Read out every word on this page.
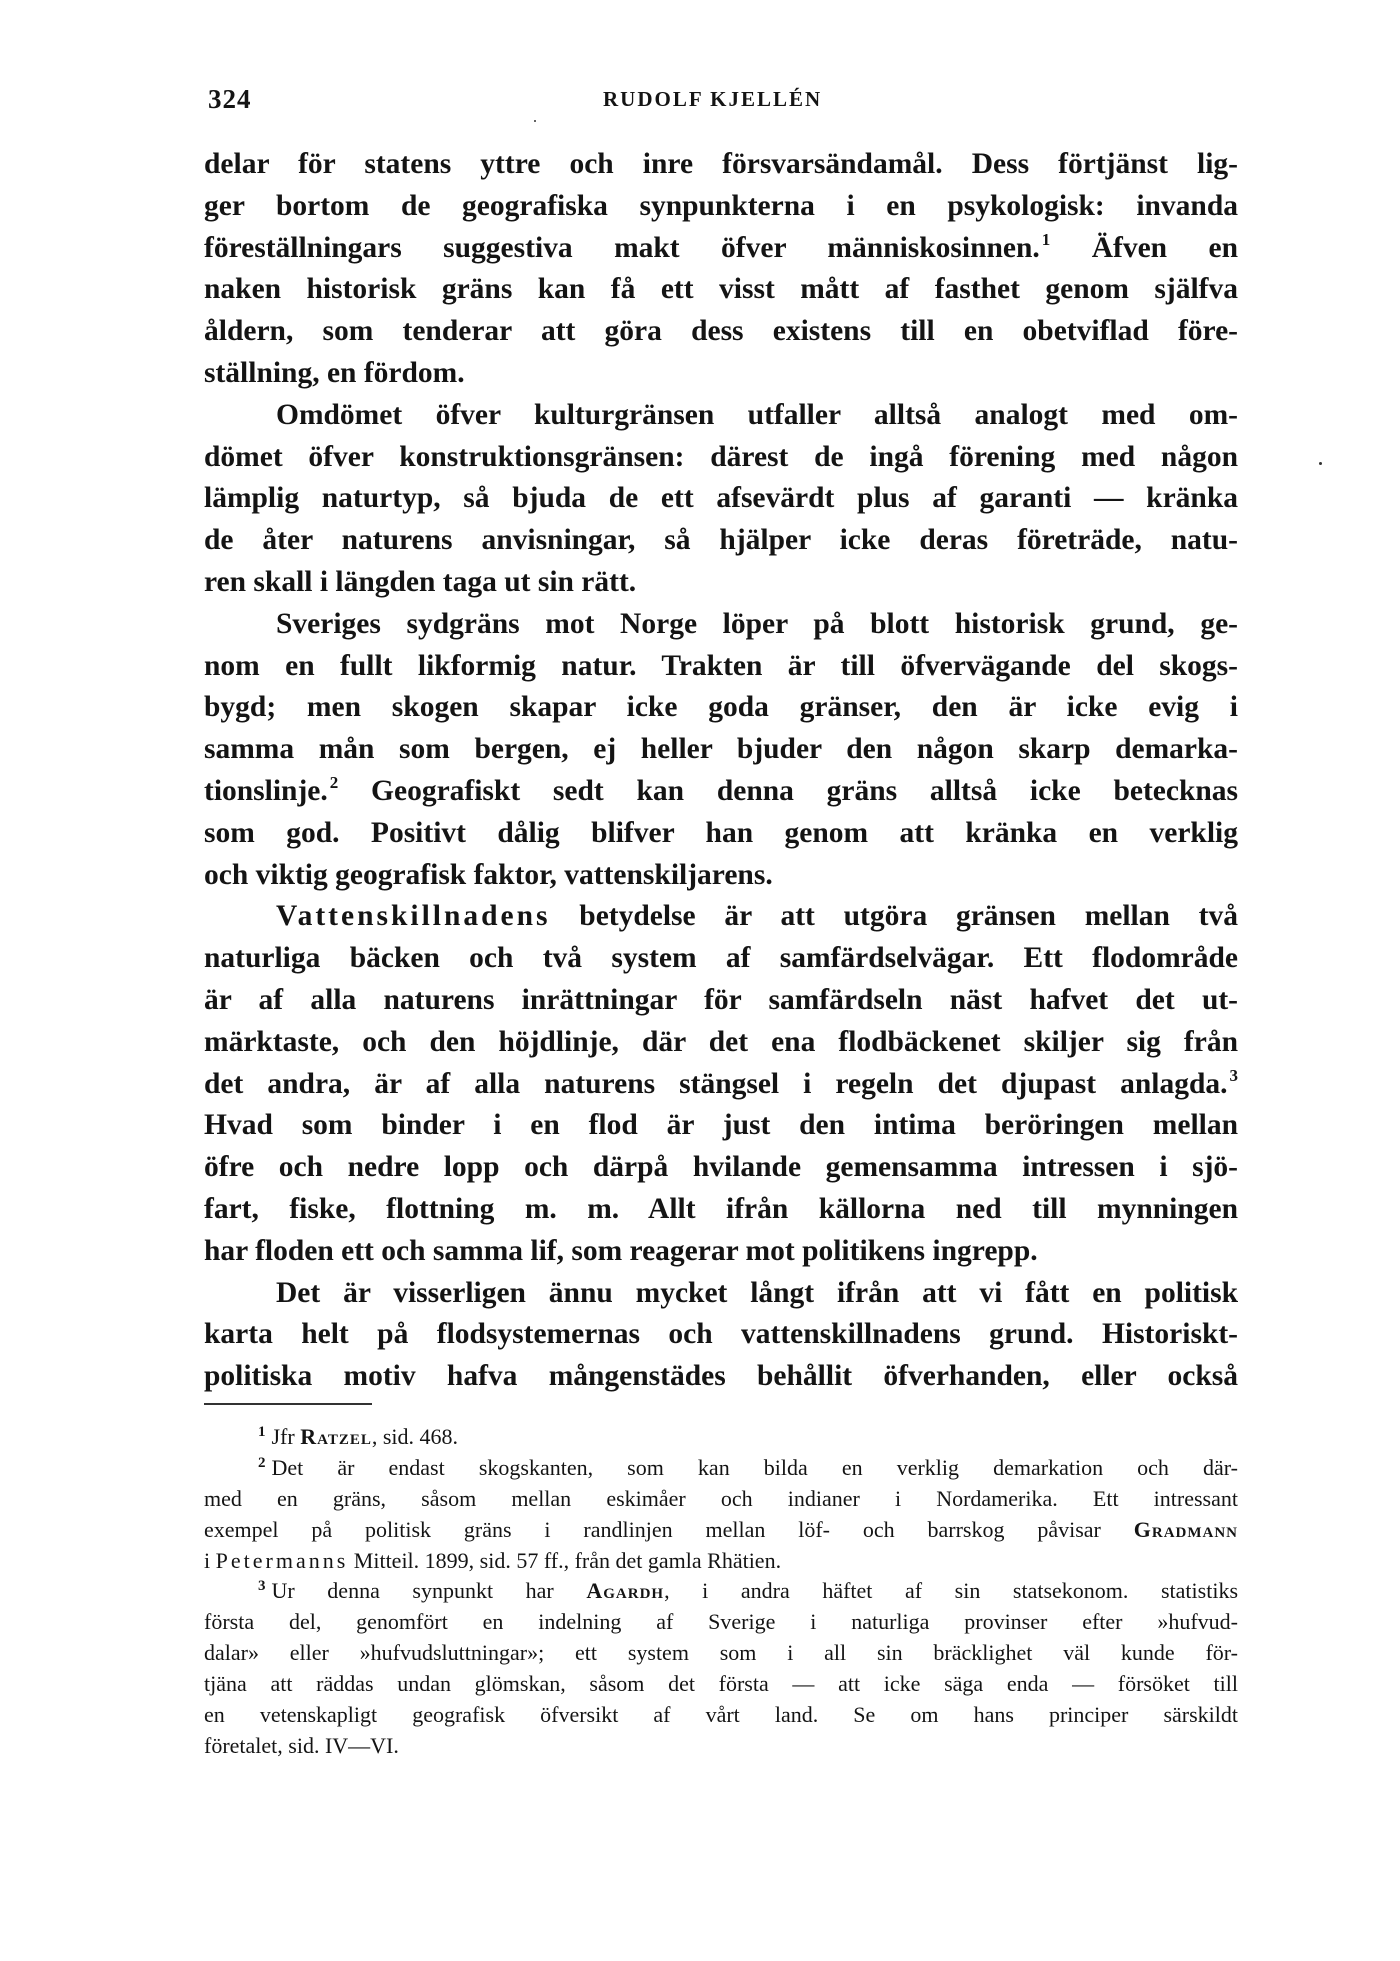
324	RUDOLF KJELLÉN
delar för statens yttre och inre försvarsändamål. Dess förtjänst lig-
ger bortom de geografiska synpunkterna i en psykologisk: invanda
föreställningars suggestiva makt öfver människosinnen. $^1$ Äfven en
naken historisk gräns kan få ett visst mått af fasthet genom själfva
åldern, som tenderar att göra dess existens till en obetviflad före-
ställning, en fördom.
Omdömet öfver kulturgränsen utfaller alltså analogt med om-
dömet öfver konstruktionsgränsen: därest de ingå förening med någon
lämplig naturtyp, så bjuda de ett afsevärdt plus af garanti — kränka
de åter naturens anvisningar, så hjälper icke deras företräde, natu-
ren skall i längden taga ut sin rätt.
Sveriges sydgräns mot Norge löper på blott historisk grund, ge-
nom en fullt likformig natur. Trakten är till öfvervägande del skogs-
bygd; men skogen skapar icke goda gränser, den är icke evig i
samma mån som bergen, ej heller bjuder den någon skarp demarka-
tionslinje. $^2$ Geografiskt sedt kan denna gräns alltså icke betecknas
som god. Positivt dålig blifver han genom att kränka en verklig
och viktig geografisk faktor, vattenskiljarens.
Vattenskillnadens betydelse är att utgöra gränsen mellan två
naturliga bäcken och två system af samfärdselvägar. Ett flodområde
är af alla naturens inrättningar för samfärdseln näst hafvet det ut-
märktaste, och den höjdlinje, där det ena flodbäckenet skiljer sig från
det andra, är af alla naturens stängsel i regeln det djupast anlagda. $^3$
Hvad som binder i en flod är just den intima beröringen mellan
öfre och nedre lopp och därpå hvilande gemensamma intressen i sjö-
fart, fiske, flottning m. m. Allt ifrån källorna ned till mynningen
har floden ett och samma lif, som reagerar mot politikens ingrepp.
Det är visserligen ännu mycket långt ifrån att vi fått en politisk
karta helt på flodsystemernas och vattenskillnadens grund. Historiskt-
politiska motiv hafva mångenstädes behållit öfverhanden, eller också
$^1$ Jfr Ratzel, sid. 468.
$^2$ Det är endast skogskanten, som kan bilda en verklig demarkation och där-
med en gräns, såsom mellan eskimåer och indianer i Nordamerika. Ett intressant
exempel på politisk gräns i randlinjen mellan löf- och barrskog påvisar Gradmann
i Petermanns Mitteil. 1899, sid. 57 ff., från det gamla Rhätien.
$^3$ Ur denna synpunkt har Agardh, i andra häftet af sin statsekonom. statistiks
första del, genomfört en indelning af Sverige i naturliga provinser efter »hufvud-
dalar» eller »hufvudsluttningar»; ett system som i all sin bräcklighet väl kunde för-
tjäna att räddas undan glömskan, såsom det första — att icke säga enda — försöket till
en vetenskapligt geografisk öfversikt af vårt land. Se om hans principer särskildt
företalet, sid. IV—VI.
